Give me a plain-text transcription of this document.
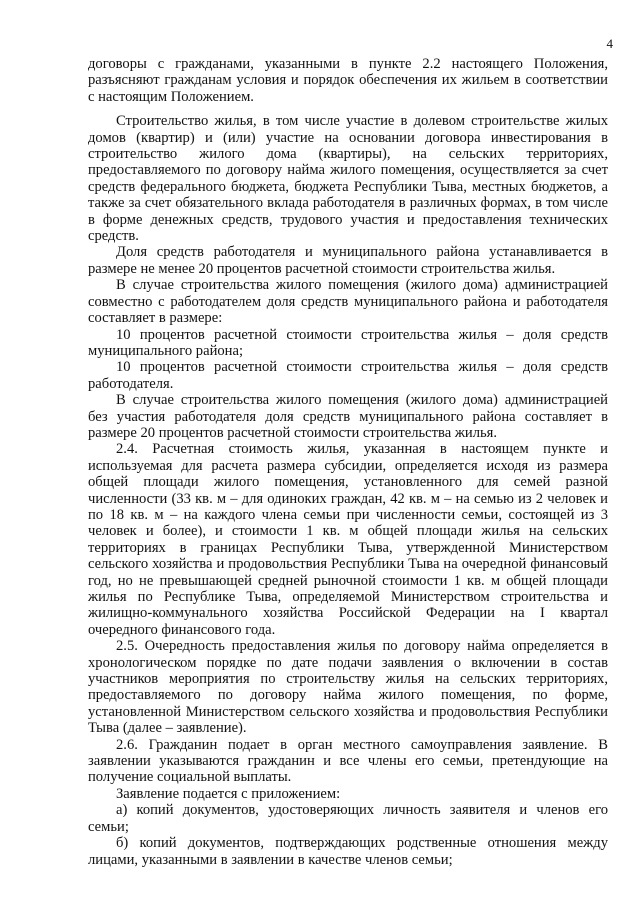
4

договоры с гражданами, указанными в пункте 2.2 настоящего Положения, разъясняют гражданам условия и порядок обеспечения их жильем в соответствии с настоящим Положением.

Строительство жилья, в том числе участие в долевом строительстве жилых домов (квартир) и (или) участие на основании договора инвестирования в строительство жилого дома (квартиры), на сельских территориях, предоставляемого по договору найма жилого помещения, осуществляется за счет средств федерального бюджета, бюджета Республики Тыва, местных бюджетов, а также за счет обязательного вклада работодателя в различных формах, в том числе в форме денежных средств, трудового участия и предоставления технических средств.

Доля средств работодателя и муниципального района устанавливается в размере не менее 20 процентов расчетной стоимости строительства жилья.

В случае строительства жилого помещения (жилого дома) администрацией совместно с работодателем доля средств муниципального района и работодателя составляет в размере:

10 процентов расчетной стоимости строительства жилья – доля средств муниципального района;

10 процентов расчетной стоимости строительства жилья – доля средств работодателя.

В случае строительства жилого помещения (жилого дома) администрацией без участия работодателя доля средств муниципального района составляет в размере 20 процентов расчетной стоимости строительства жилья.

2.4. Расчетная стоимость жилья, указанная в настоящем пункте и используемая для расчета размера субсидии, определяется исходя из размера общей площади жилого помещения, установленного для семей разной численности (33 кв. м – для одиноких граждан, 42 кв. м – на семью из 2 человек и по 18 кв. м – на каждого члена семьи при численности семьи, состоящей из 3 человек и более), и стоимости 1 кв. м общей площади жилья на сельских территориях в границах Республики Тыва, утвержденной Министерством сельского хозяйства и продовольствия Республики Тыва на очередной финансовый год, но не превышающей средней рыночной стоимости 1 кв. м общей площади жилья по Республике Тыва, определяемой Министерством строительства и жилищно-коммунального хозяйства Российской Федерации на I квартал очередного финансового года.

2.5. Очередность предоставления жилья по договору найма определяется в хронологическом порядке по дате подачи заявления о включении в состав участников мероприятия по строительству жилья на сельских территориях, предоставляемого по договору найма жилого помещения, по форме, установленной Министерством сельского хозяйства и продовольствия Республики Тыва (далее – заявление).

2.6. Гражданин подает в орган местного самоуправления заявление. В заявлении указываются гражданин и все члены его семьи, претендующие на получение социальной выплаты.

Заявление подается с приложением:

а) копий документов, удостоверяющих личность заявителя и членов его семьи;

б) копий документов, подтверждающих родственные отношения между лицами, указанными в заявлении в качестве членов семьи;
